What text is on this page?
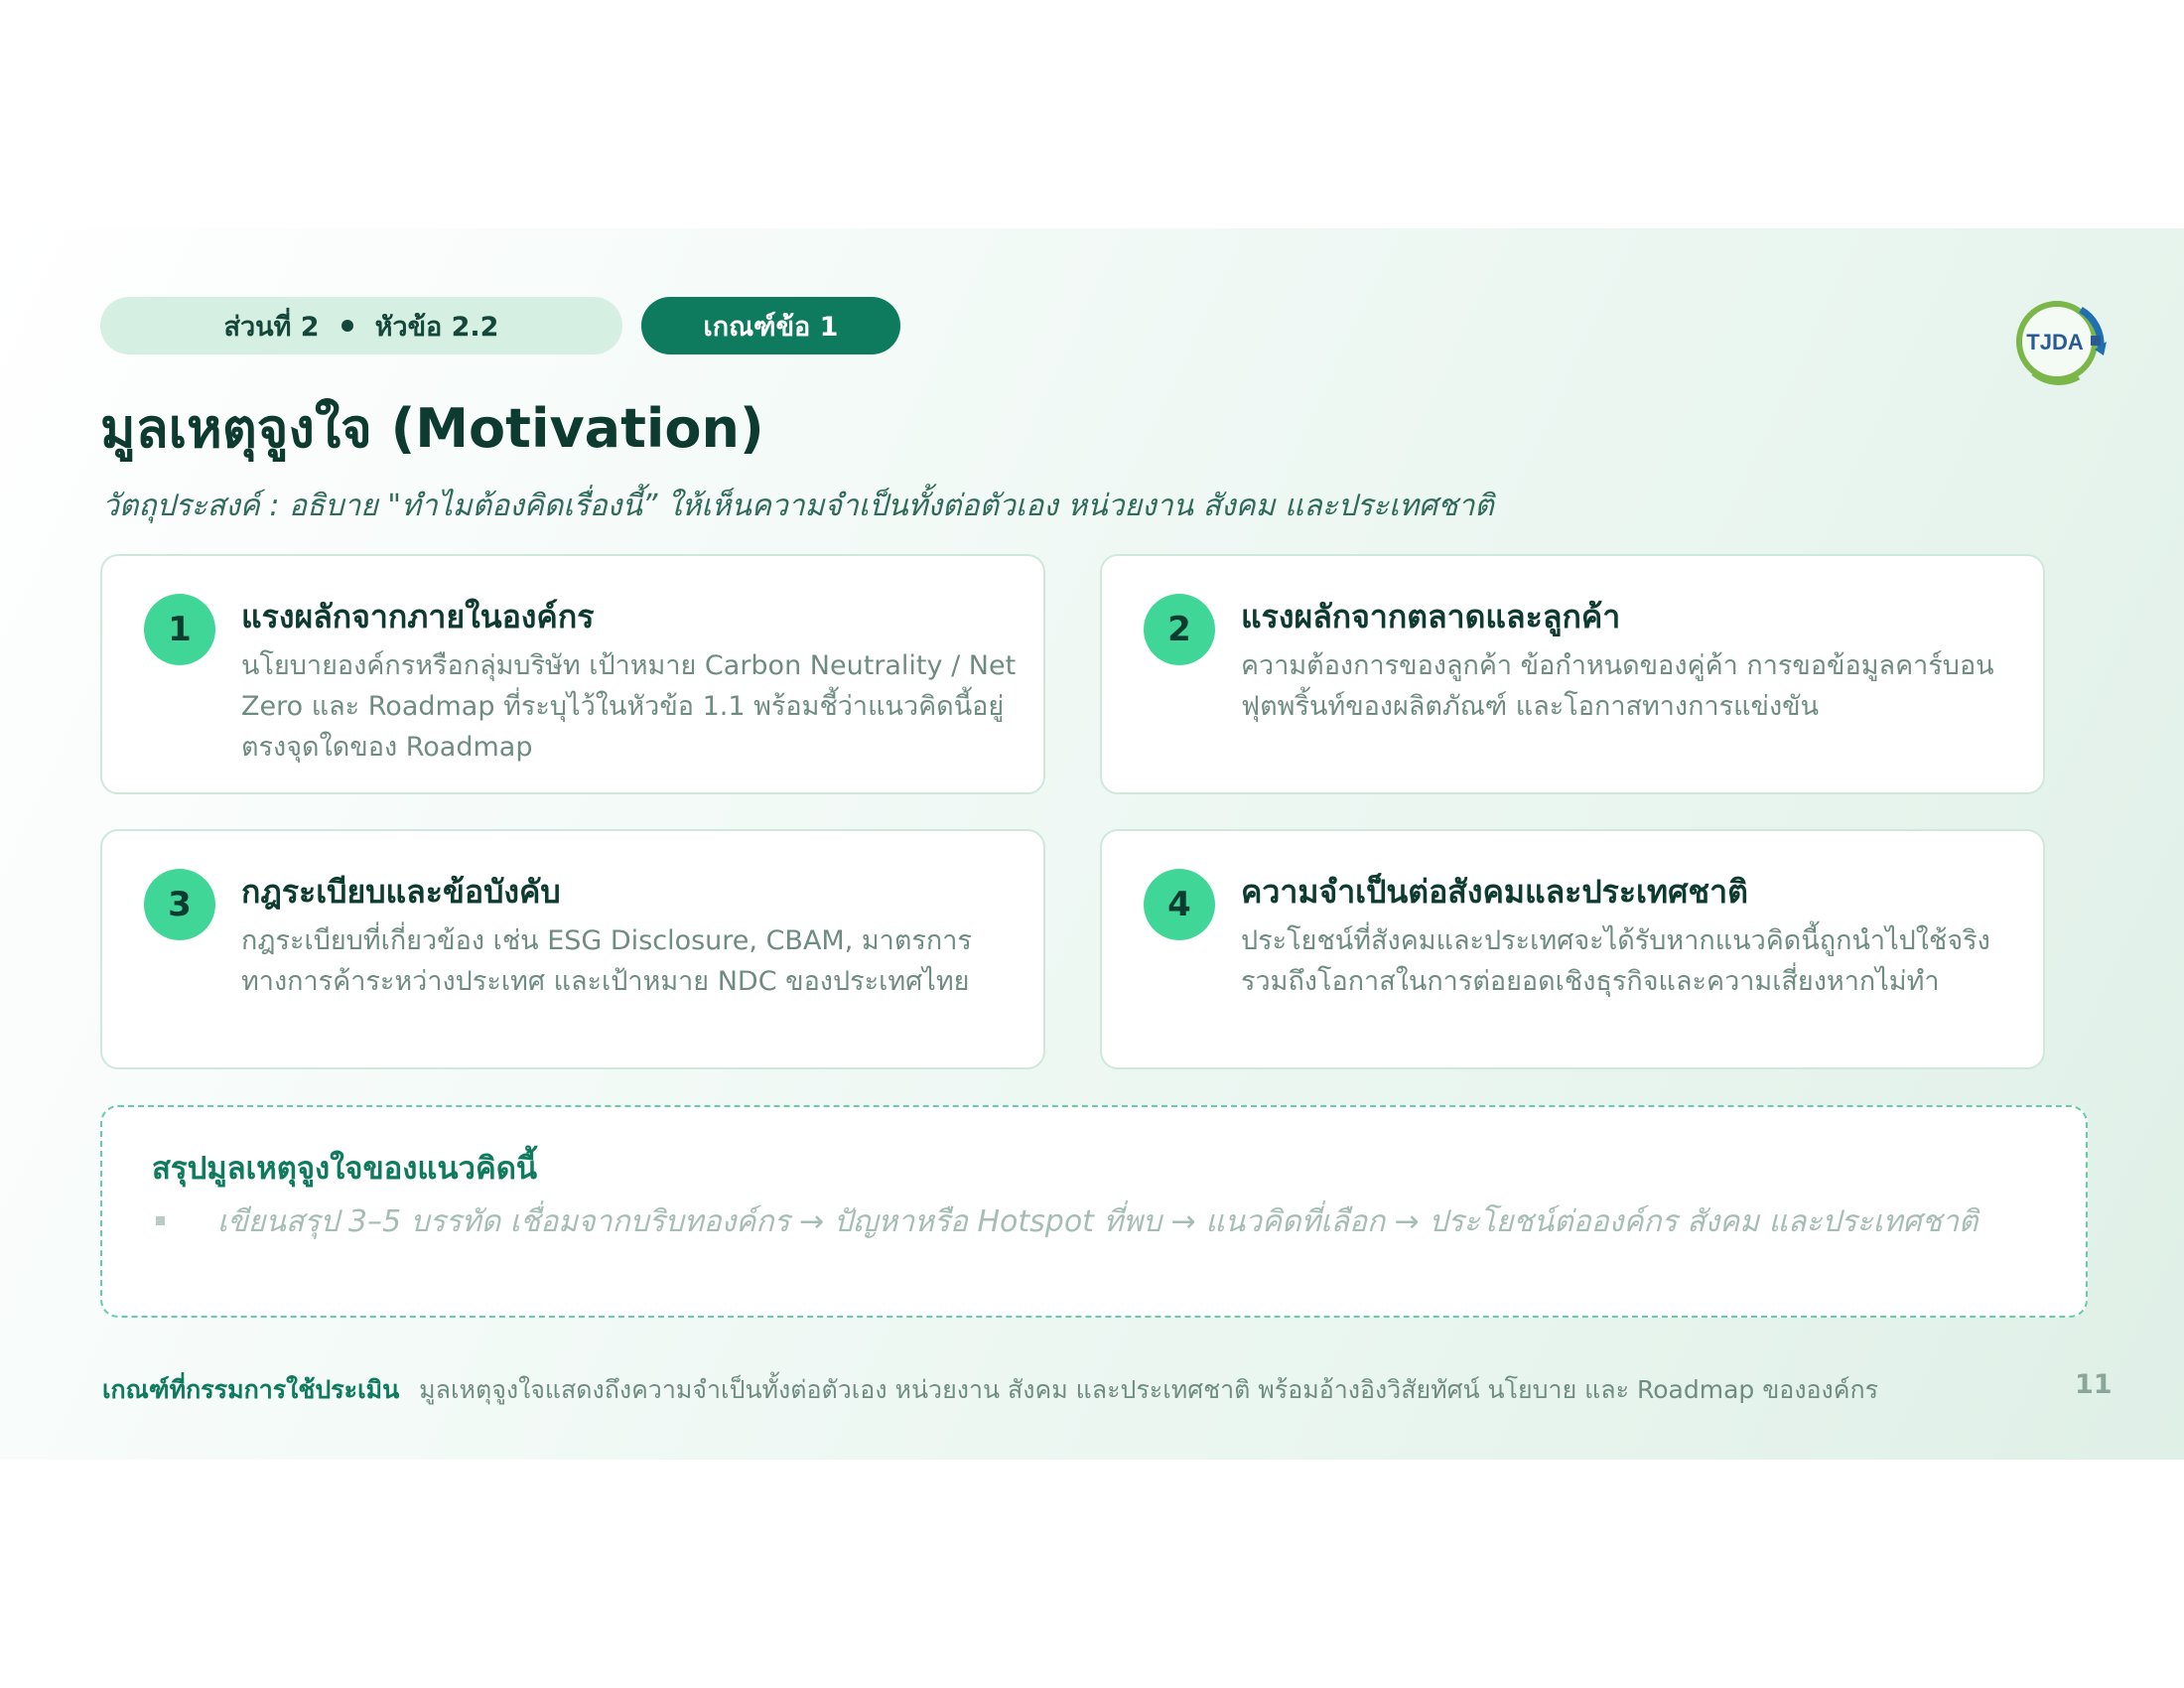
ส่วนที่ 2 หัวข้อ 2.2	เกณฑ์ข้อ 1	TJDA
มูลเหตุจูงใจ (Motivation)
วัตถุประสงค์ : อธิบาย "ทำไมต้องคิดเรื่องนี้” ให้เห็นความจำเป็นทั้งต่อตัวเอง หน่วยงาน สังคม และประเทศชาติ
1	แรงผลักจากภายในองค์กร
นโยบายองค์กรหรือกลุ่มบริษัท เป้าหมาย Carbon Neutrality / Net Zero และ Roadmap ที่ระบุไว้ในหัวข้อ 1.1 พร้อมชี้ว่าแนวคิดนี้อยู่ตรงจุดใดของ Roadmap
2	แรงผลักจากตลาดและลูกค้า
ความต้องการของลูกค้า ข้อกำหนดของคู่ค้า การขอข้อมูลคาร์บอนฟุตพริ้นท์ของผลิตภัณฑ์ และโอกาสทางการแข่งขัน
3	กฎระเบียบและข้อบังคับ
กฎระเบียบที่เกี่ยวข้อง เช่น ESG Disclosure, CBAM, มาตรการทางการค้าระหว่างประเทศ และเป้าหมาย NDC ของประเทศไทย
4	ความจำเป็นต่อสังคมและประเทศชาติ
ประโยชน์ที่สังคมและประเทศจะได้รับหากแนวคิดนี้ถูกนำไปใช้จริง รวมถึงโอกาสในการต่อยอดเชิงธุรกิจและความเสี่ยงหากไม่ทำ
สรุปมูลเหตุจูงใจของแนวคิดนี้
เขียนสรุป 3–5 บรรทัด เชื่อมจากบริบทองค์กร → ปัญหาหรือ Hotspot ที่พบ → แนวคิดที่เลือก → ประโยชน์ต่อองค์กร สังคม และประเทศชาติ
เกณฑ์ที่กรรมการใช้ประเมิน มูลเหตุจูงใจแสดงถึงความจำเป็นทั้งต่อตัวเอง หน่วยงาน สังคม และประเทศชาติ พร้อมอ้างอิงวิสัยทัศน์ นโยบาย และ Roadmap ขององค์กร	11
